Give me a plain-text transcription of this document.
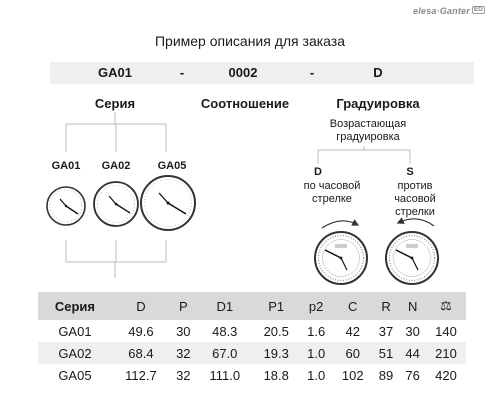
elesa·Ganter EG
Пример описания для заказа
GA01	-	0002	-	D
Серия	Соотношение	Градуировка
Возрастающая градуировка
D
по часовой стрелке
S
против часовой стрелки
GA01	GA02	GA05
Серия	D	P	D1	P1	p2	C	R	N	⚖
GA01	49.6	30	48.3	20.5	1.6	42	37	30	140
GA02	68.4	32	67.0	19.3	1.0	60	51	44	210
GA05	112.7	32	111.0	18.8	1.0	102	89	76	420
